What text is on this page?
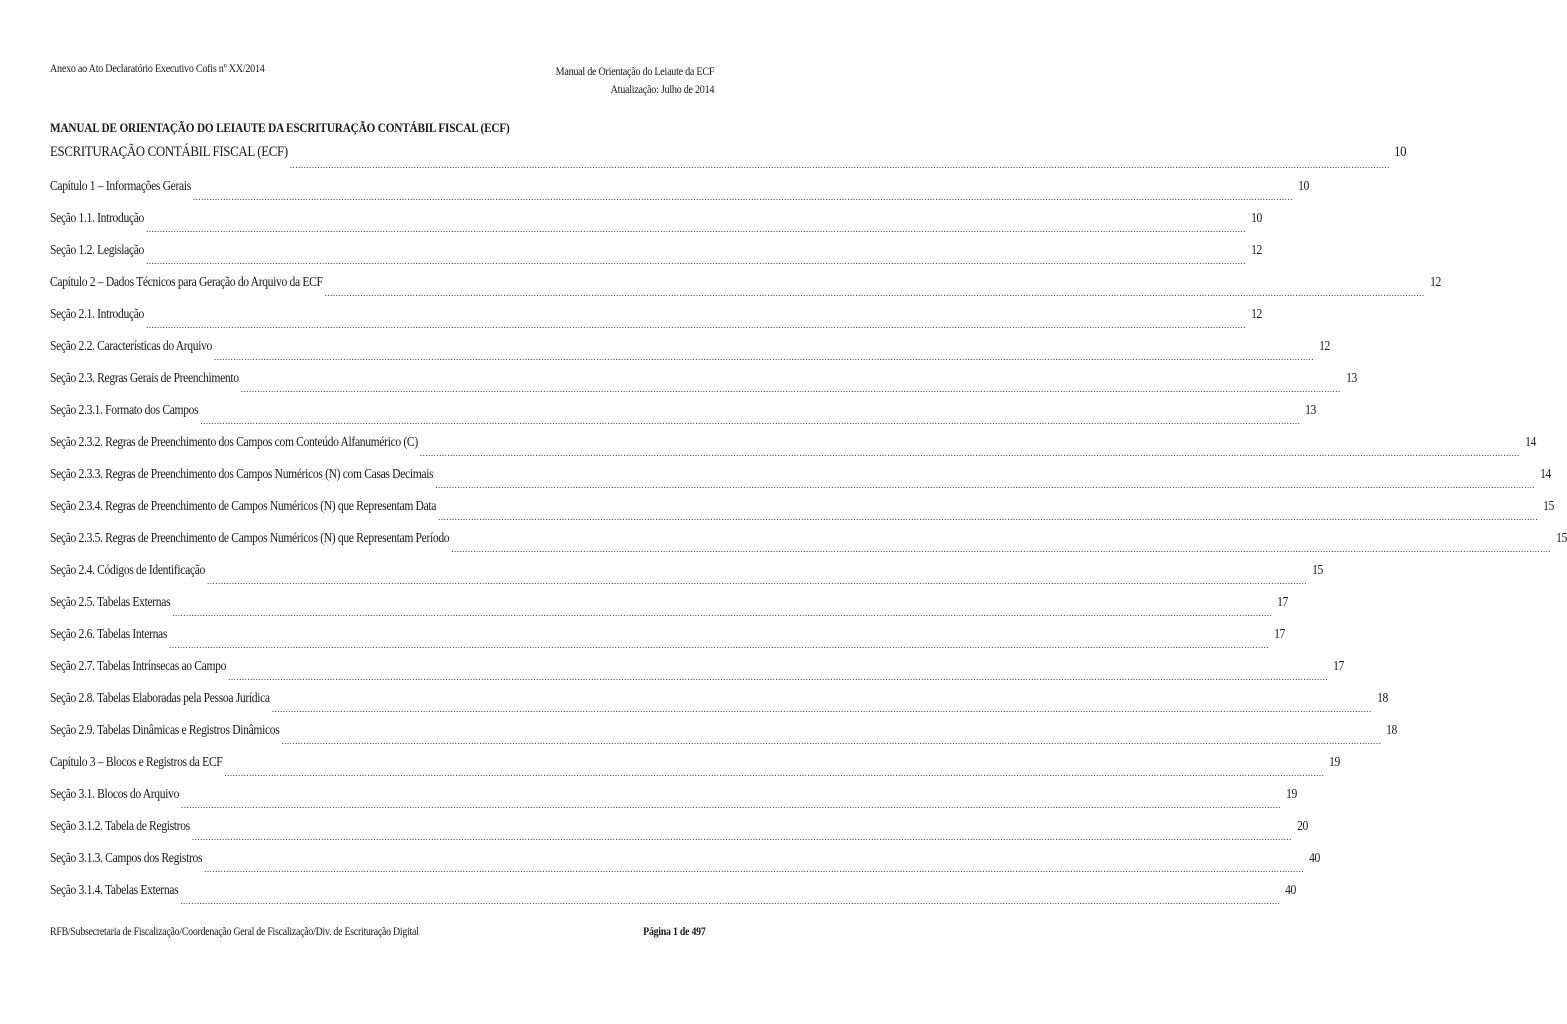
Anexo ao Ato Declaratório Executivo Cofis nº XX/2014	Manual de Orientação do Leiaute da ECF
Atualização: Julho de 2014
MANUAL DE ORIENTAÇÃO DO LEIAUTE DA ESCRITURAÇÃO CONTÁBIL FISCAL (ECF)
ESCRITURAÇÃO CONTÁBIL FISCAL (ECF)
................................................................................................................................................................................................................................................................................................................................................................................................................
10
Capítulo 1 – Informações Gerais
................................................................................................................................................................................................................................................................................................................................................................................................................
10
Seção 1.1. Introdução
................................................................................................................................................................................................................................................................................................................................................................................................................
10
Seção 1.2. Legislação
................................................................................................................................................................................................................................................................................................................................................................................................................
12
Capítulo 2 – Dados Técnicos para Geração do Arquivo da ECF
................................................................................................................................................................................................................................................................................................................................................................................................................
12
Seção 2.1. Introdução
................................................................................................................................................................................................................................................................................................................................................................................................................
12
Seção 2.2. Características do Arquivo
................................................................................................................................................................................................................................................................................................................................................................................................................
12
Seção 2.3. Regras Gerais de Preenchimento
................................................................................................................................................................................................................................................................................................................................................................................................................
13
Seção 2.3.1. Formato dos Campos
................................................................................................................................................................................................................................................................................................................................................................................................................
13
Seção 2.3.2. Regras de Preenchimento dos Campos com Conteúdo Alfanumérico (C)
................................................................................................................................................................................................................................................................................................................................................................................................................
14
Seção 2.3.3. Regras de Preenchimento dos Campos Numéricos (N) com Casas Decimais
................................................................................................................................................................................................................................................................................................................................................................................................................
14
Seção 2.3.4. Regras de Preenchimento de Campos Numéricos (N) que Representam Data
................................................................................................................................................................................................................................................................................................................................................................................................................
15
Seção 2.3.5. Regras de Preenchimento de Campos Numéricos (N) que Representam Período
................................................................................................................................................................................................................................................................................................................................................................................................................
15
Seção 2.4. Códigos de Identificação
................................................................................................................................................................................................................................................................................................................................................................................................................
15
Seção 2.5. Tabelas Externas
................................................................................................................................................................................................................................................................................................................................................................................................................
17
Seção 2.6. Tabelas Internas
................................................................................................................................................................................................................................................................................................................................................................................................................
17
Seção 2.7. Tabelas Intrínsecas ao Campo
................................................................................................................................................................................................................................................................................................................................................................................................................
17
Seção 2.8. Tabelas Elaboradas pela Pessoa Jurídica
................................................................................................................................................................................................................................................................................................................................................................................................................
18
Seção 2.9. Tabelas Dinâmicas e Registros Dinâmicos
................................................................................................................................................................................................................................................................................................................................................................................................................
18
Capítulo 3 – Blocos e Registros da ECF
................................................................................................................................................................................................................................................................................................................................................................................................................
19
Seção 3.1. Blocos do Arquivo
................................................................................................................................................................................................................................................................................................................................................................................................................
19
Seção 3.1.2. Tabela de Registros
................................................................................................................................................................................................................................................................................................................................................................................................................
20
Seção 3.1.3. Campos dos Registros
................................................................................................................................................................................................................................................................................................................................................................................................................
40
Seção 3.1.4. Tabelas Externas
................................................................................................................................................................................................................................................................................................................................................................................................................
40
RFB/Subsecretaria de Fiscalização/Coordenação Geral de Fiscalização/Div. de Escrituração Digital	Página 1 de 497
